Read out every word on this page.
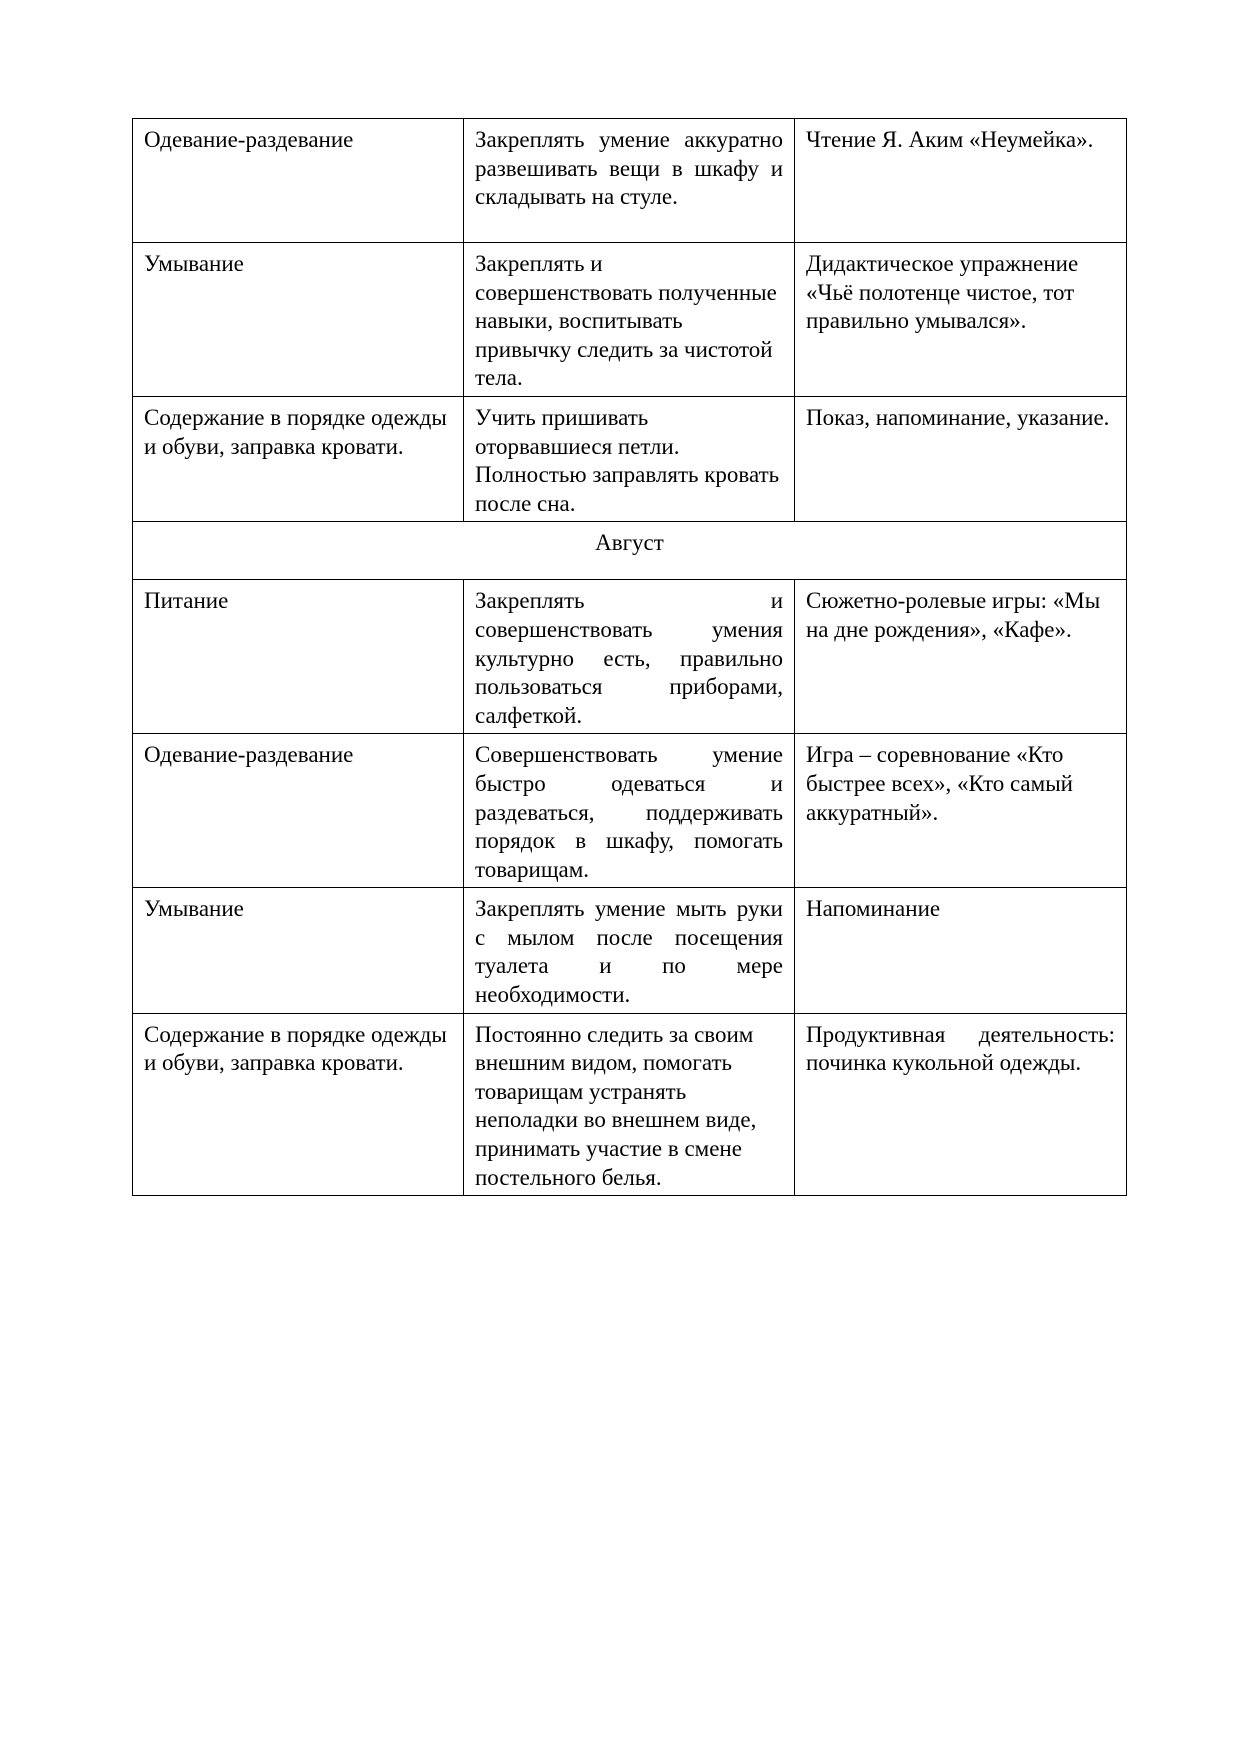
Одевание-раздевание	Закреплять умение аккуратно развешивать вещи в шкафу и складывать на стуле.	Чтение Я. Аким «Неумейка».
Умывание	Закреплять и совершенствовать полученные навыки, воспитывать привычку следить за чистотой тела.	Дидактическое упражнение «Чьё полотенце чистое, тот правильно умывался».
Содержание в порядке одежды и обуви, заправка кровати.	Учить пришивать оторвавшиеся петли. Полностью заправлять кровать после сна.	Показ, напоминание, указание.
Август		
Питание	Закреплять и совершенствовать умения культурно есть, правильно пользоваться приборами, салфеткой.	Сюжетно-ролевые игры: «Мы на дне рождения», «Кафе».
Одевание-раздевание	Совершенствовать умение быстро одеваться и раздеваться, поддерживать порядок в шкафу, помогать товарищам.	Игра – соревнование «Кто быстрее всех», «Кто самый аккуратный».
Умывание	Закреплять умение мыть руки с мылом после посещения туалета и по мере необходимости.	Напоминание
Содержание в порядке одежды и обуви, заправка кровати.	Постоянно следить за своим внешним видом, помогать товарищам устранять неполадки во внешнем виде, принимать участие в смене постельного белья.	Продуктивная деятельность: починка кукольной одежды.
